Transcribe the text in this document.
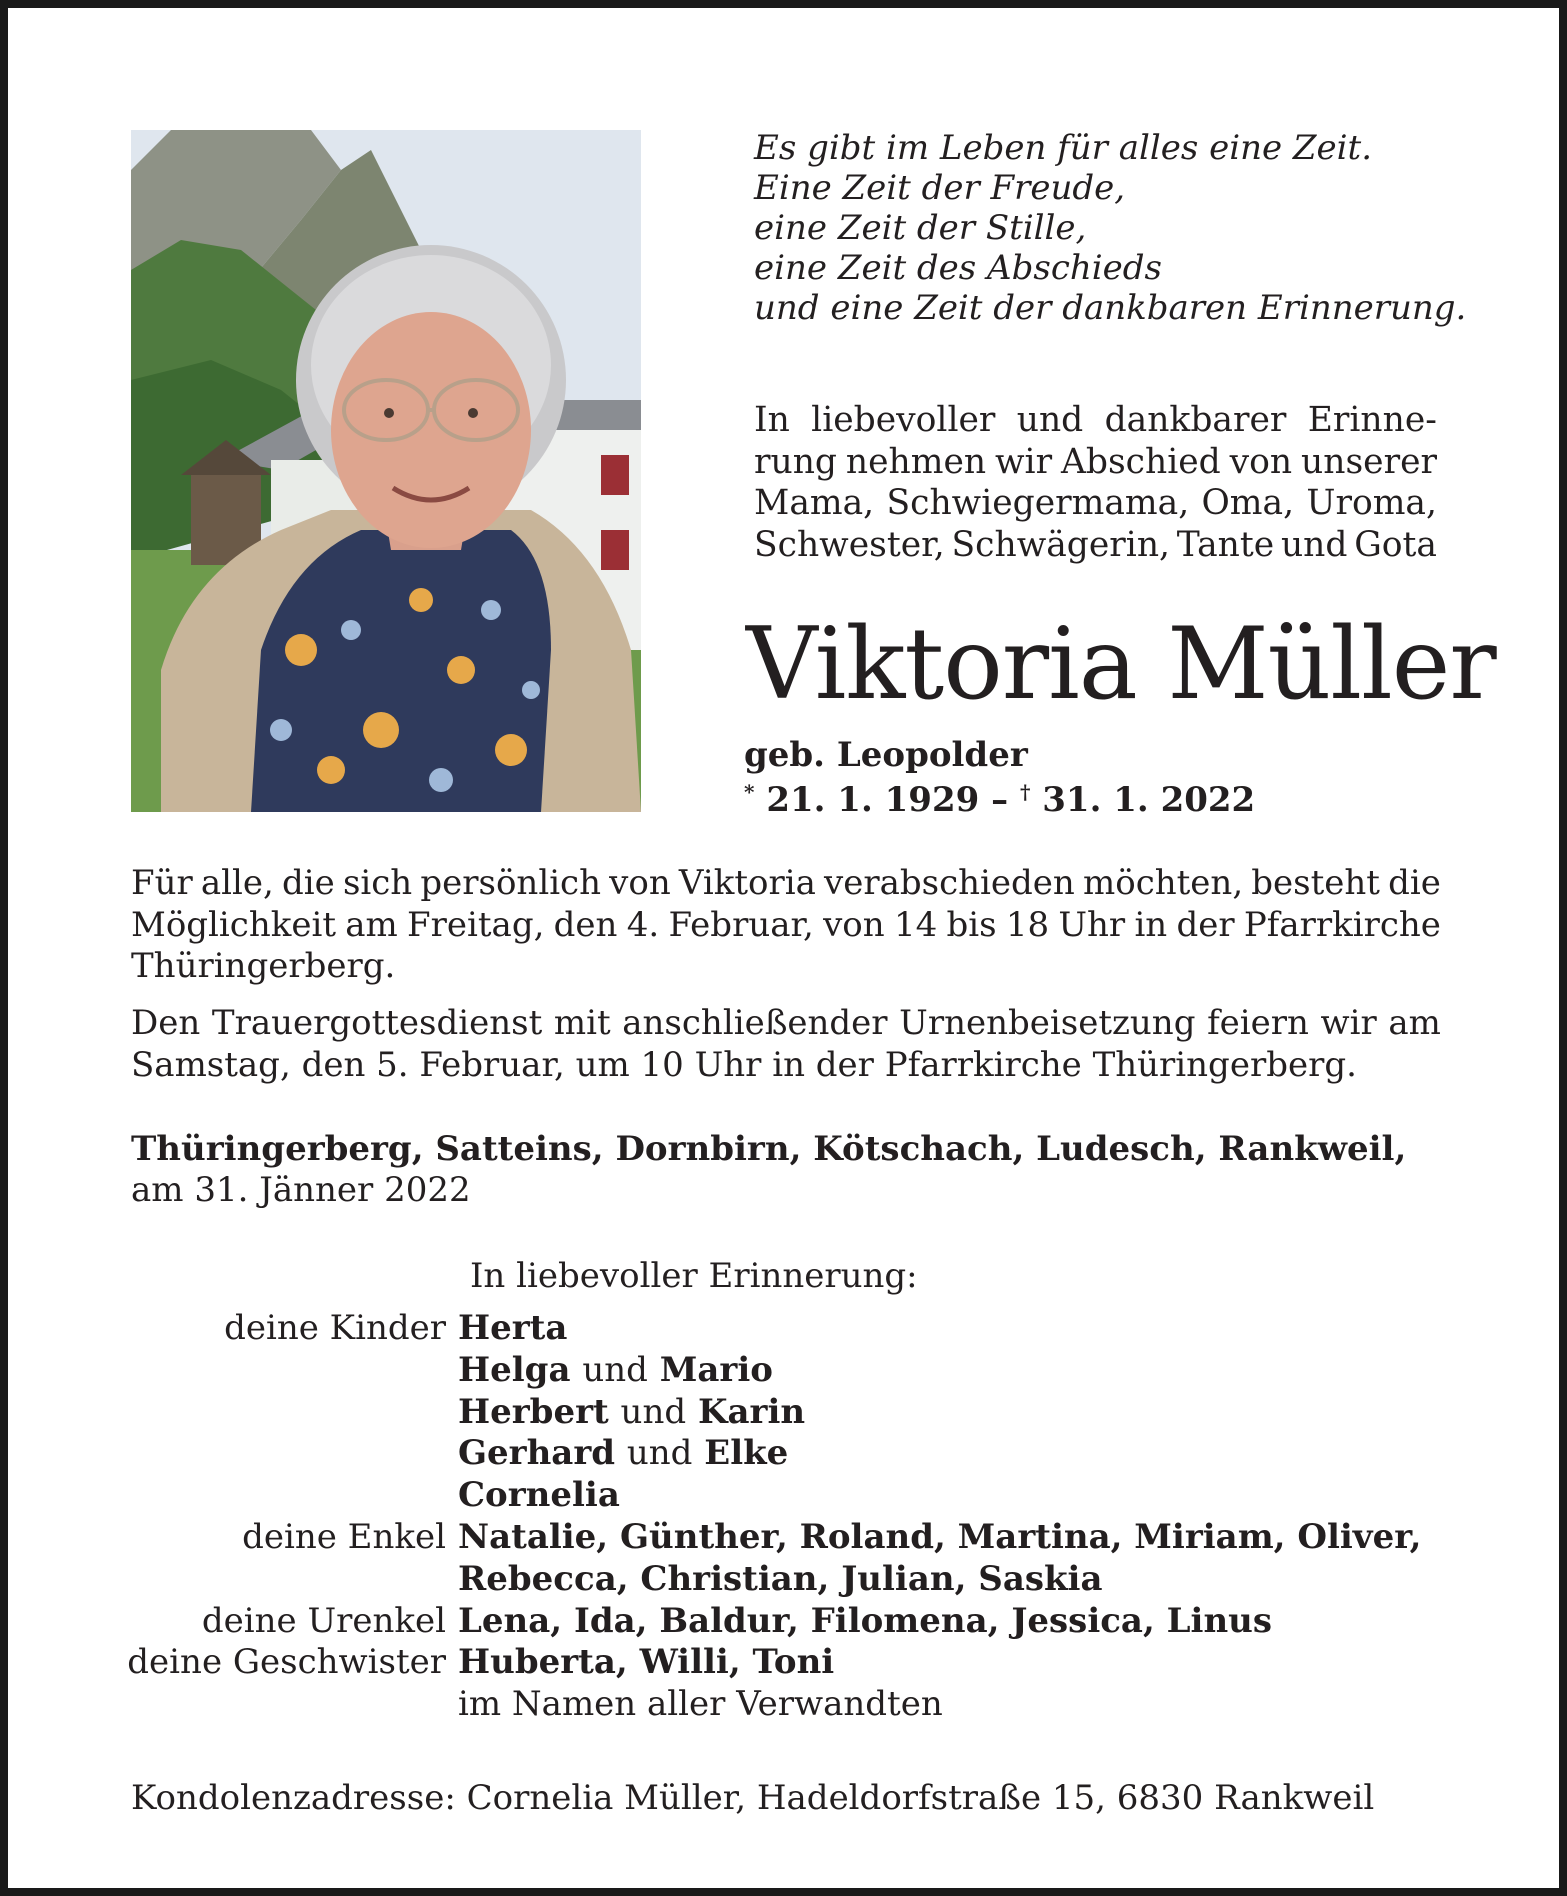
Es gibt im Leben für alles eine Zeit.
Eine Zeit der Freude,
eine Zeit der Stille,
eine Zeit des Abschieds
und eine Zeit der dankbaren Erinnerung.
In liebevoller und dankbarer Erinne-
rung nehmen wir Abschied von unserer
Mama, Schwiegermama, Oma, Uroma,
Schwester, Schwägerin, Tante und Gota
Viktoria Müller
geb. Leopolder
* 21. 1. 1929 – † 31. 1. 2022
Für alle, die sich persönlich von Viktoria verabschieden möchten, besteht die
Möglichkeit am Freitag, den 4. Februar, von 14 bis 18 Uhr in der Pfarrkirche
Thüringerberg.
Den Trauergottesdienst mit anschließender Urnenbeisetzung feiern wir am
Samstag, den 5. Februar, um 10 Uhr in der Pfarrkirche Thüringerberg.
Thüringerberg, Satteins, Dornbirn, Kötschach, Ludesch, Rankweil,
am 31. Jänner 2022
In liebevoller Erinnerung:
deine Kinder Herta
Helga und Mario
Herbert und Karin
Gerhard und Elke
Cornelia
deine Enkel Natalie, Günther, Roland, Martina, Miriam, Oliver,
Rebecca, Christian, Julian, Saskia
deine Urenkel Lena, Ida, Baldur, Filomena, Jessica, Linus
deine Geschwister Huberta, Willi, Toni
im Namen aller Verwandten
Kondolenzadresse: Cornelia Müller, Hadeldorfstraße 15, 6830 Rankweil
